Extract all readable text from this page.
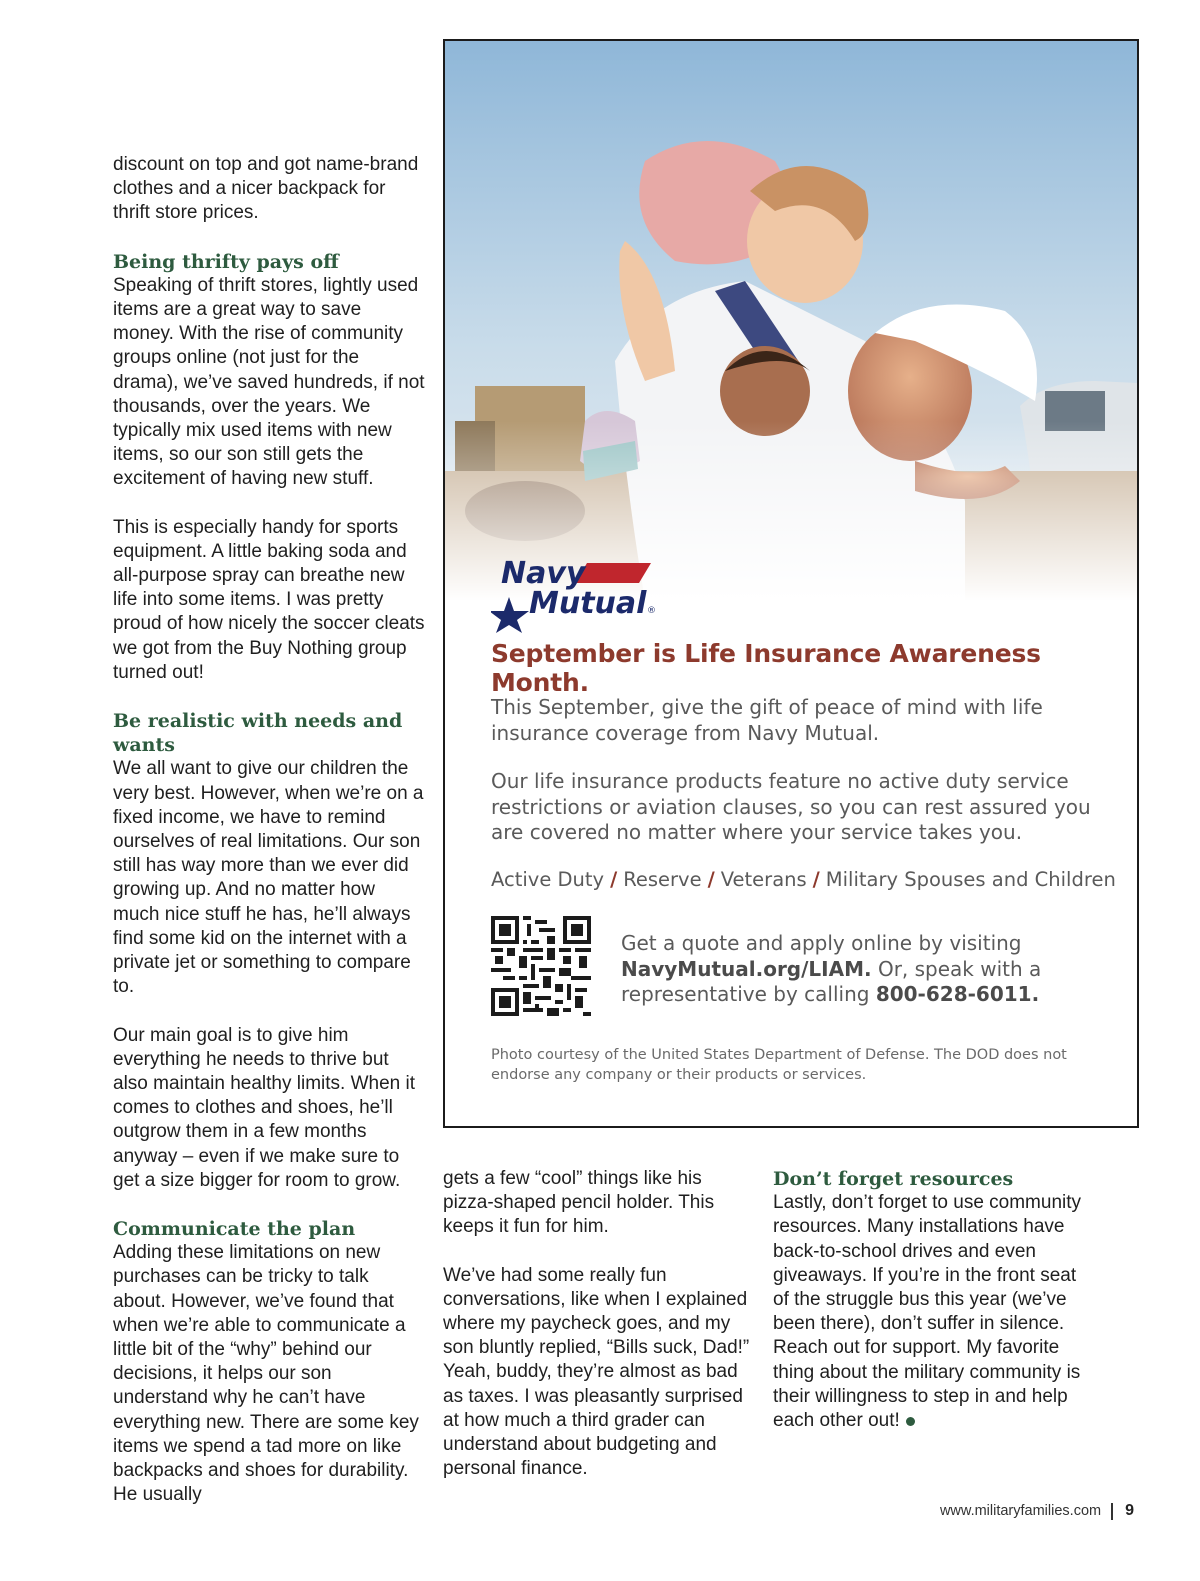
discount on top and got name-brand clothes and a nicer backpack for thrift store prices.

Being thrifty pays off

Speaking of thrift stores, lightly used items are a great way to save money. With the rise of community groups online (not just for the drama), we’ve saved hundreds, if not thousands, over the years. We typically mix used items with new items, so our son still gets the excitement of having new stuff.

This is especially handy for sports equipment. A little baking soda and all-purpose spray can breathe new life into some items. I was pretty proud of how nicely the soccer cleats we got from the Buy Nothing group turned out!

Be realistic with needs and wants

We all want to give our children the very best. However, when we’re on a fixed income, we have to remind ourselves of real limitations. Our son still has way more than we ever did growing up. And no matter how much nice stuff he has, he’ll always find some kid on the internet with a private jet or something to compare to.

Our main goal is to give him everything he needs to thrive but also maintain healthy limits. When it comes to clothes and shoes, he’ll outgrow them in a few months anyway – even if we make sure to get a size bigger for room to grow.

Communicate the plan

Adding these limitations on new purchases can be tricky to talk about. However, we’ve found that when we’re able to communicate a little bit of the “why” behind our decisions, it helps our son understand why he can’t have everything new. There are some key items we spend a tad more on like backpacks and shoes for durability. He usually

gets a few “cool” things like his pizza-shaped pencil holder. This keeps it fun for him.

We’ve had some really fun conversations, like when I explained where my paycheck goes, and my son bluntly replied, “Bills suck, Dad!” Yeah, buddy, they’re almost as bad as taxes. I was pleasantly surprised at how much a third grader can understand about budgeting and personal finance.

Don’t forget resources

Lastly, don’t forget to use community resources. Many installations have back-to-school drives and even giveaways. If you’re in the front seat of the struggle bus this year (we’ve been there), don’t suffer in silence. Reach out for support. My favorite thing about the military community is their willingness to step in and help each other out!

Navy
Mutual ®
September is Life Insurance Awareness Month.

This September, give the gift of peace of mind with life insurance coverage from Navy Mutual.

Our life insurance products feature no active duty service restrictions or aviation clauses, so you can rest assured you are covered no matter where your service takes you.

Active Duty / Reserve / Veterans / Military Spouses and Children

Get a quote and apply online by visiting NavyMutual.org/LIAM. Or, speak with a representative by calling 800-628-6011.

Photo courtesy of the United States Department of Defense. The DOD does not endorse any company or their products or services.

www.militaryfamilies.com 9
